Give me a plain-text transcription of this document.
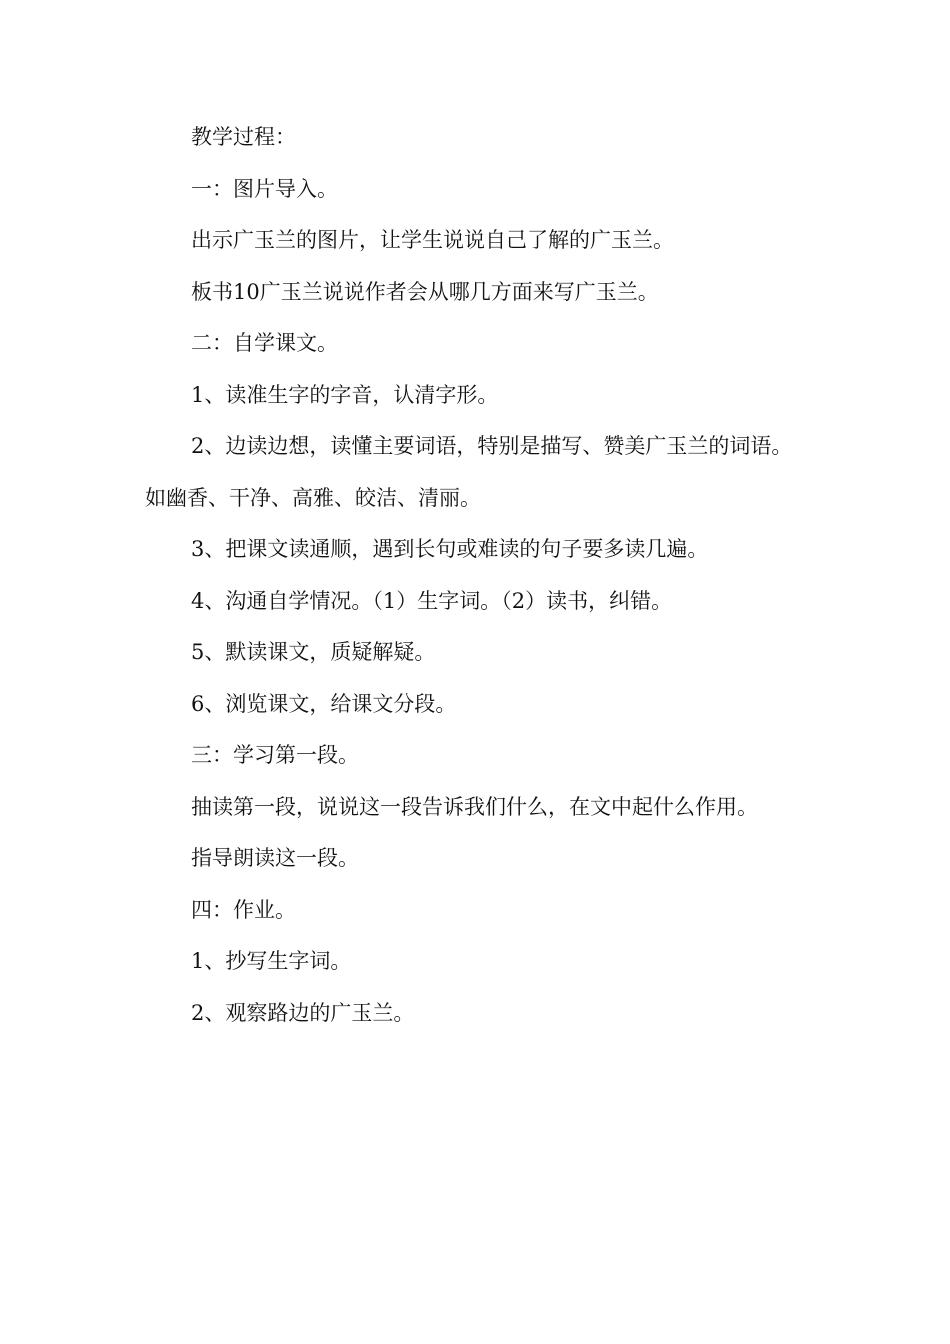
教学过程：

一：图片导入。

出示广玉兰的图片，让学生说说自己了解的广玉兰。

板书10广玉兰说说作者会从哪几方面来写广玉兰。

二：自学课文。

1、读准生字的字音，认清字形。

2、边读边想，读懂主要词语，特别是描写、赞美广玉兰的词语。如幽香、干净、高雅、皎洁、清丽。

3、把课文读通顺，遇到长句或难读的句子要多读几遍。

4、沟通自学情况。（1）生字词。（2）读书，纠错。

5、默读课文，质疑解疑。

6、浏览课文，给课文分段。

三：学习第一段。

抽读第一段，说说这一段告诉我们什么，在文中起什么作用。

指导朗读这一段。

四：作业。

1、抄写生字词。

2、观察路边的广玉兰。
